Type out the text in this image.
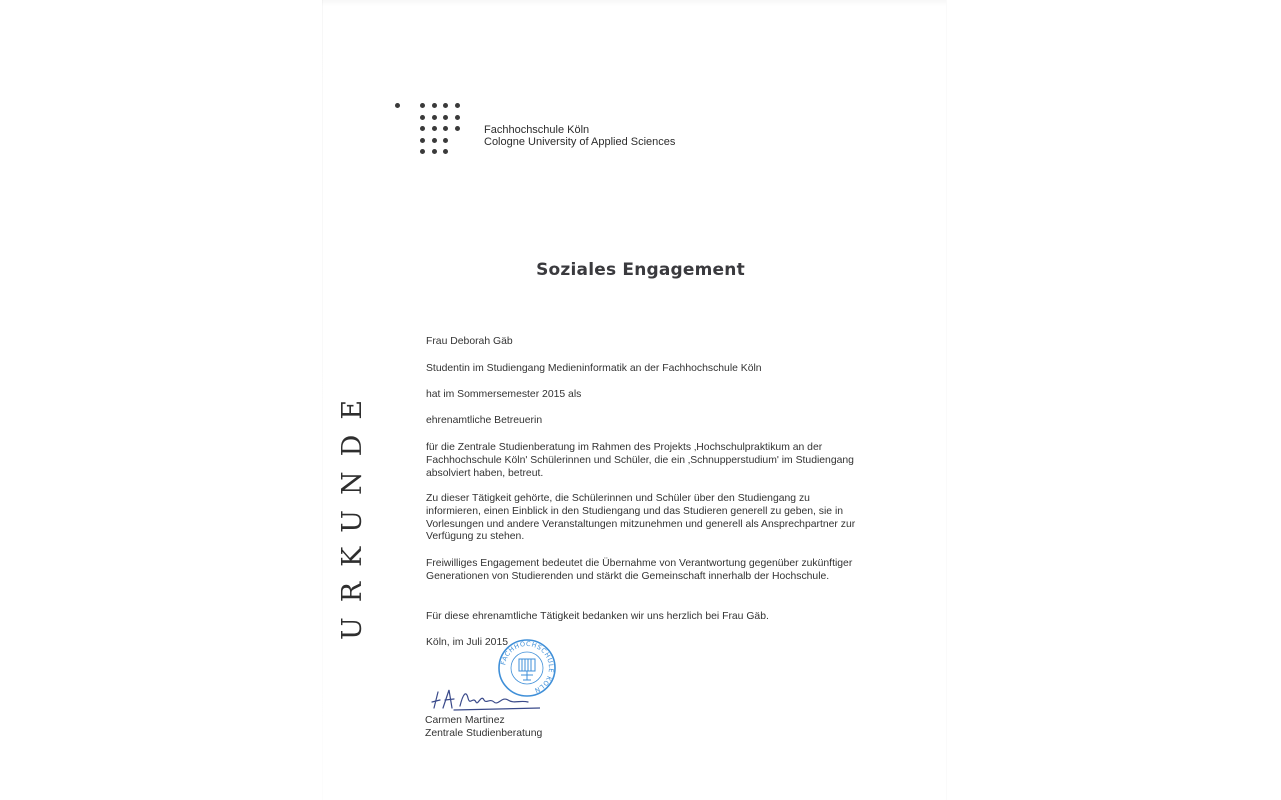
Fachhochschule Köln
Cologne University of Applied Sciences
Soziales Engagement
URKUNDE

Frau Deborah Gäb

Studentin im Studiengang Medieninformatik an der Fachhochschule Köln

hat im Sommersemester 2015 als

ehrenamtliche Betreuerin

für die Zentrale Studienberatung im Rahmen des Projekts ‚Hochschulpraktikum an der Fachhochschule Köln' Schülerinnen und Schüler, die ein ‚Schnupperstudium' im Studiengang absolviert haben, betreut.

Zu dieser Tätigkeit gehörte, die Schülerinnen und Schüler über den Studiengang zu informieren, einen Einblick in den Studiengang und das Studieren generell zu geben, sie in Vorlesungen und andere Veranstaltungen mitzunehmen und generell als Ansprechpartner zur Verfügung zu stehen.

Freiwilliges Engagement bedeutet die Übernahme von Verantwortung gegenüber zukünftiger Generationen von Studierenden und stärkt die Gemeinschaft innerhalb der Hochschule.

Für diese ehrenamtliche Tätigkeit bedanken wir uns herzlich bei Frau Gäb.

Köln, im Juli 2015

FACHHOCHSCHULE KÖLN
Carmen Martinez
Zentrale Studienberatung
